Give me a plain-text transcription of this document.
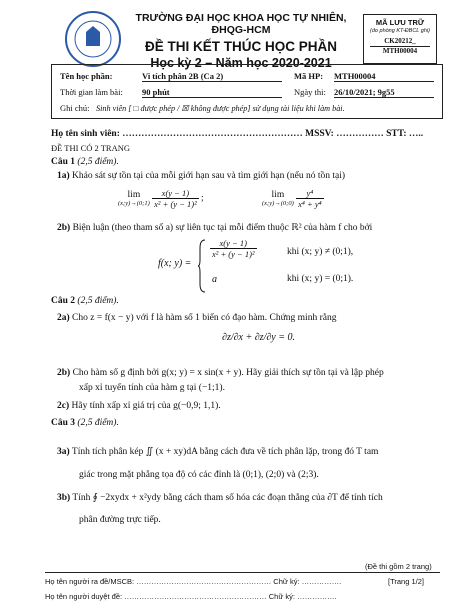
TRƯỜNG ĐẠI HỌC KHOA HỌC TỰ NHIÊN, ĐHQG-HCM
ĐỀ THI KẾT THÚC HỌC PHẦN
Học kỳ 2 – Năm học 2020-2021
MÃ LƯU TRỮ
(do phòng KT-ĐBCL ghi)
CK20212_
MTH00004
Tên học phần:	Vi tích phân 2B (Ca 2)	Mã HP: MTH00004
Thời gian làm bài: 90 phút	Ngày thi: 26/10/2021; 9g55
Ghi chú: Sinh viên [ □ được phép / ☒ không được phép] sử dụng tài liệu khi làm bài.
Họ tên sinh viên: ………………………………………………… MSSV: …………… STT: …..
ĐỀ THI CÓ 2 TRANG
Câu 1 (2,5 điểm).
1a) Khảo sát sự tồn tại của mỗi giới hạn sau và tìm giới hạn (nếu nó tồn tại)
lim
(x;y)→(0;1)
$\frac{x(y - 1)}{\text{x² + (y − 1)²}}$ ;	lim
(x;y)→(0;0)
$\frac{\text{y⁴}}{\text{x⁴ + y⁴}}$
2b) Biện luận (theo tham số a) sự liên tục tại mỗi điểm thuộc ℝ² của hàm f cho bởi
f(x; y) =
$\frac{x(y - 1)}{\text{x² + (y − 1)²}}$	khi (x; y) ≠ (0;1),
a	khi (x; y) = (0;1).
Câu 2 (2,5 điểm).
2a) Cho z = f(x − y) với f là hàm số 1 biến có đạo hàm. Chứng minh rằng
∂z/∂x + ∂z/∂y = 0.
2b) Cho hàm số g định bởi g(x; y) = x sin(x + y). Hãy giải thích sự tồn tại và lập phép
xấp xỉ tuyến tính của hàm g tại (−1;1).
2c) Hãy tính xấp xỉ giá trị của g(−0,9; 1,1).
Câu 3 (2,5 điểm).
3a) Tính tích phân kép ∬ (x + xy)dA bằng cách đưa về tích phân lặp, trong đó T tam
giác trong mặt phẳng tọa độ có các đỉnh là (0;1), (2;0) và (2;3).
3b) Tính ∮ −2xydx + x²ydy bằng cách tham số hóa các đoạn thẳng của ∂T để tính tích
phân đường trực tiếp.
(Đề thi gồm 2 trang)
Họ tên người ra đề/MSCB: ……………………………………………… Chữ ký: …………….	[Trang 1/2]
Họ tên người duyệt đề: ………………………………………………… Chữ ký: …………….
